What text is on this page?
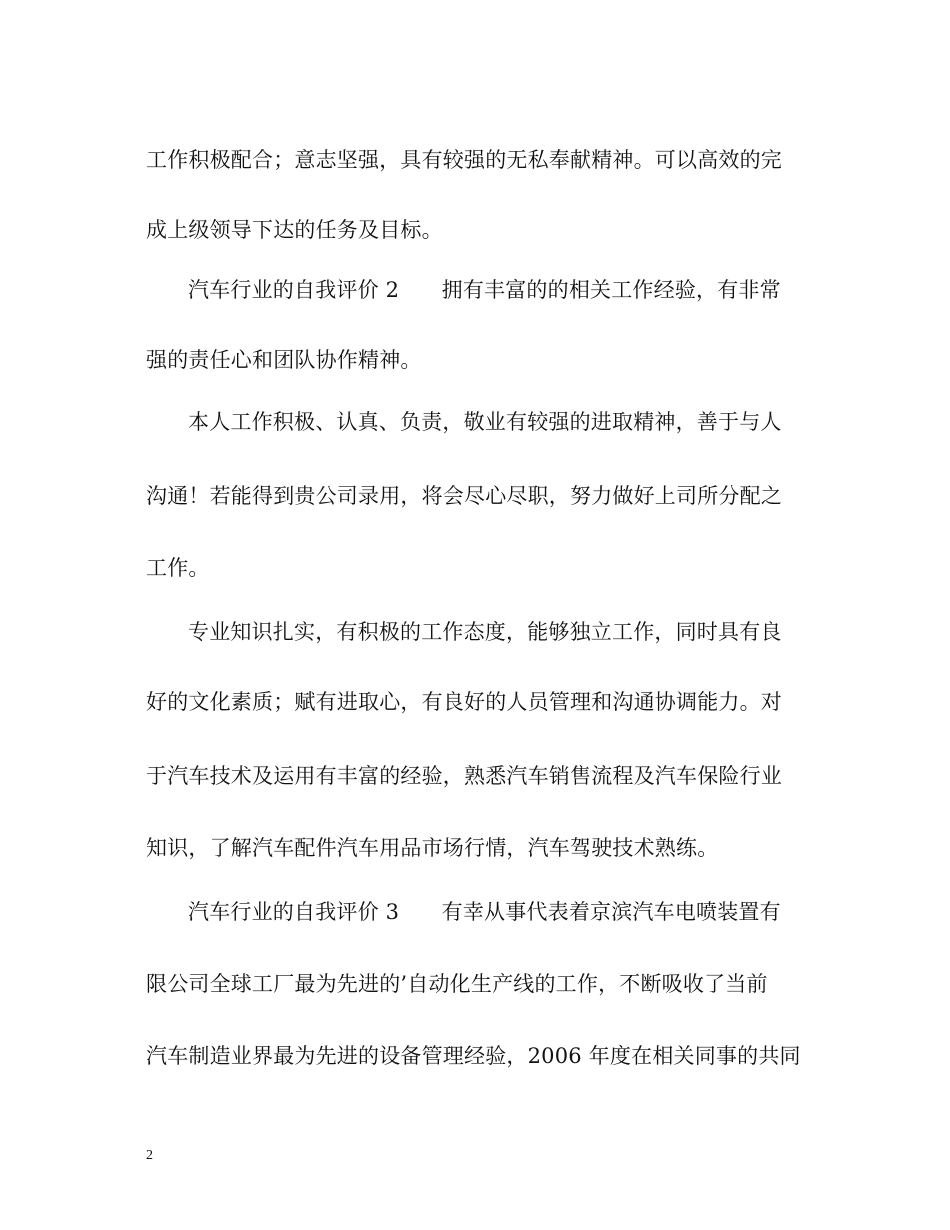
工作积极配合；意志坚强，具有较强的无私奉献精神。可以高效的完
成上级领导下达的任务及目标。
汽车行业的自我评价 2　　拥有丰富的的相关工作经验，有非常
强的责任心和团队协作精神。
本人工作积极、认真、负责，敬业有较强的进取精神，善于与人
沟通！若能得到贵公司录用，将会尽心尽职，努力做好上司所分配之
工作。
专业知识扎实，有积极的工作态度，能够独立工作，同时具有良
好的文化素质；赋有进取心，有良好的人员管理和沟通协调能力。对
于汽车技术及运用有丰富的经验，熟悉汽车销售流程及汽车保险行业
知识，了解汽车配件汽车用品市场行情，汽车驾驶技术熟练。
汽车行业的自我评价 3　　有幸从事代表着京滨汽车电喷装置有
限公司全球工厂最为先进的’自动化生产线的工作，不断吸收了当前
汽车制造业界最为先进的设备管理经验，2006 年度在相关同事的共同
2
